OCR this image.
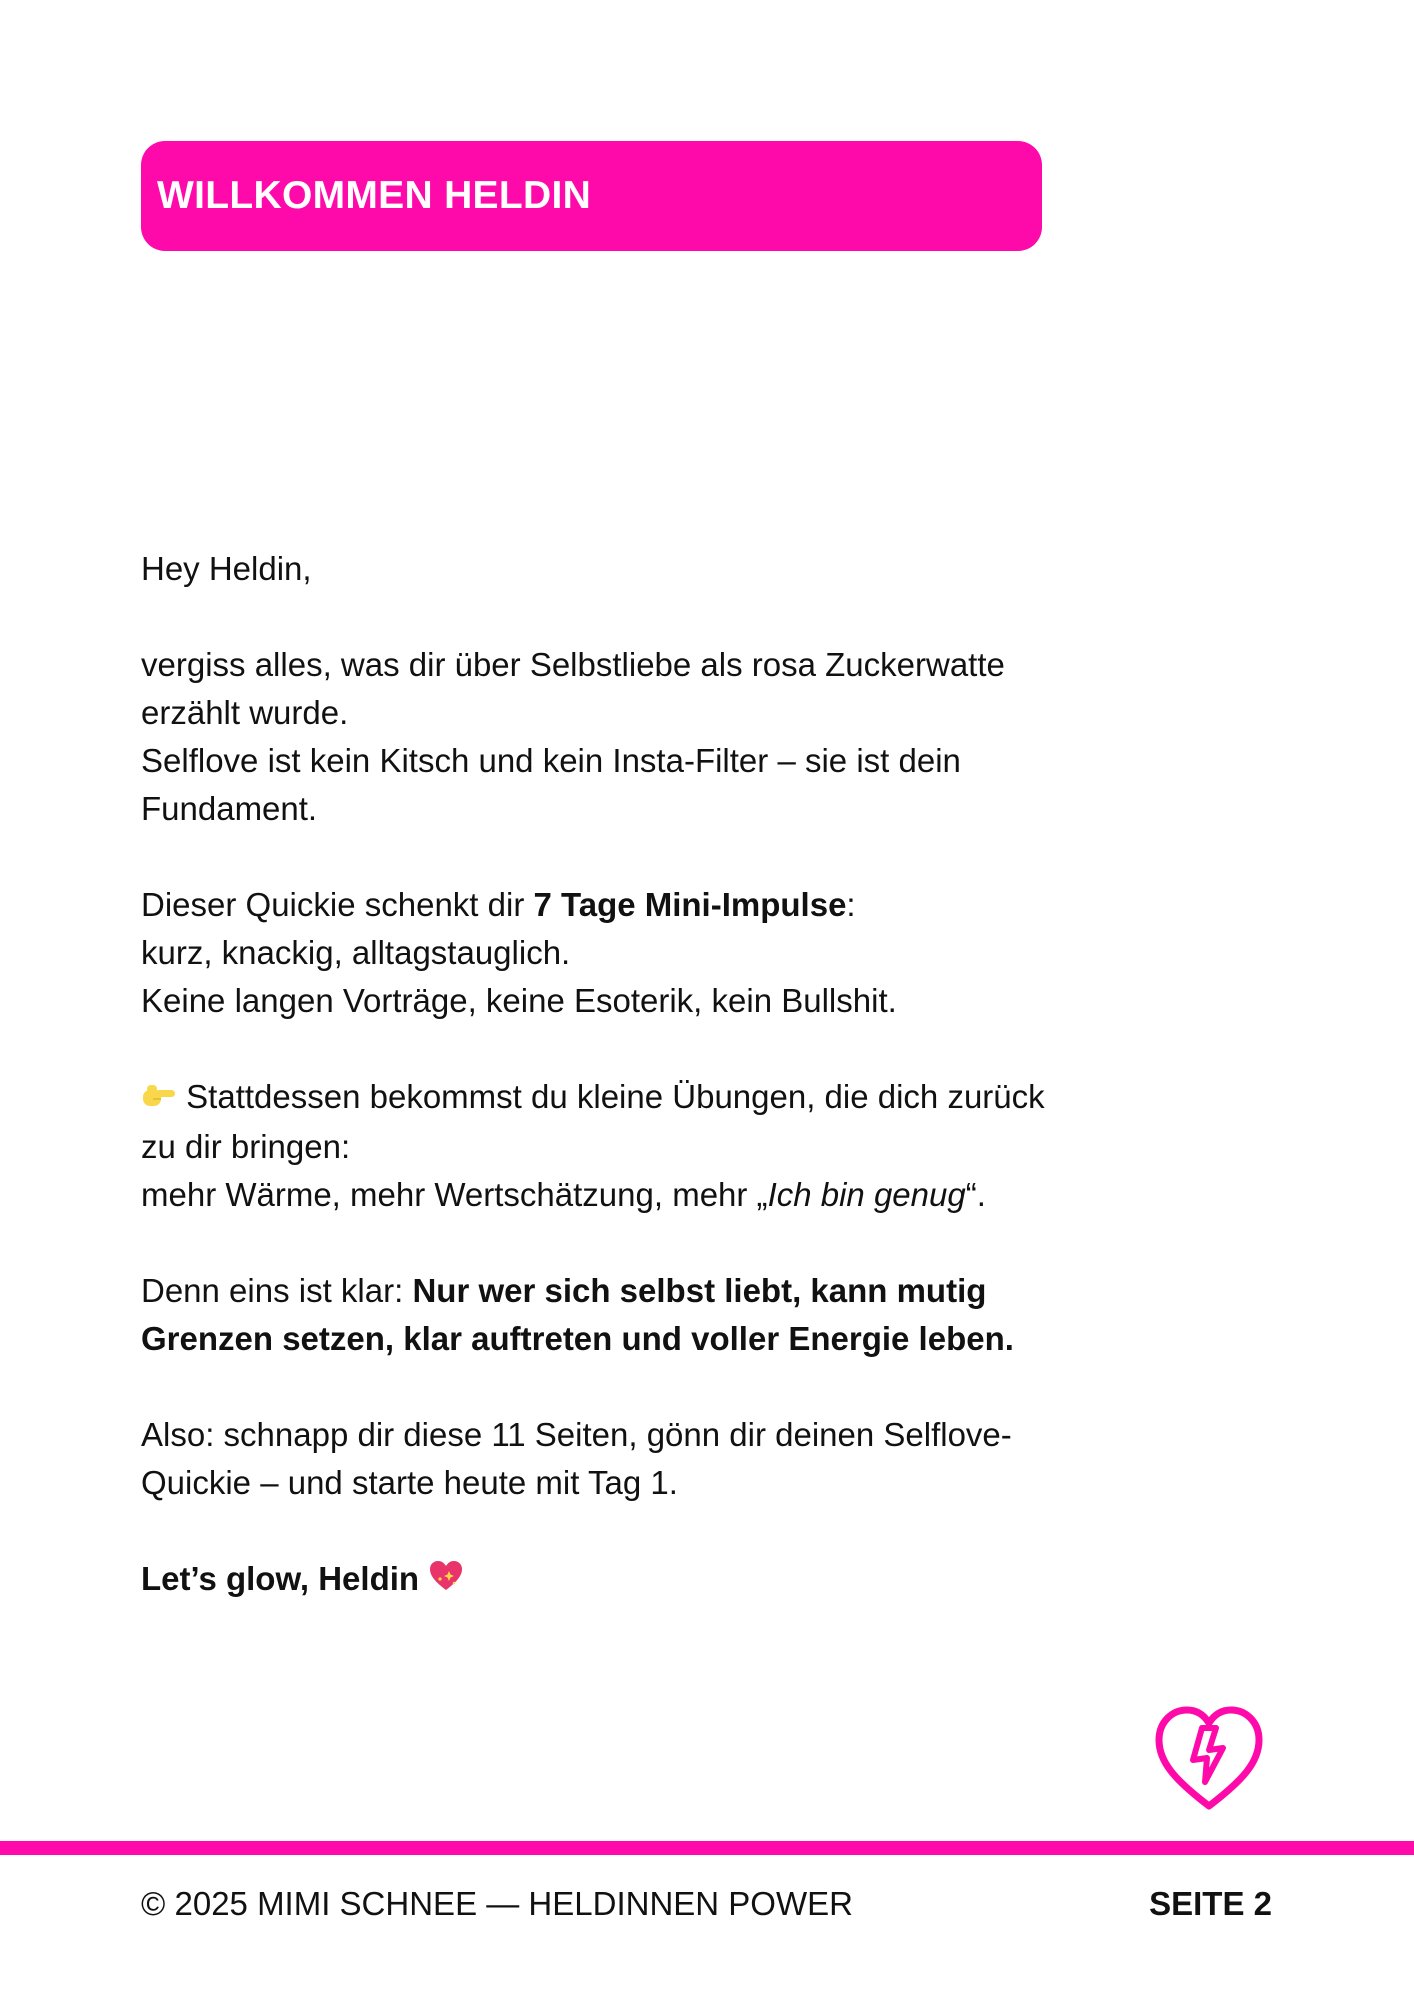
WILLKOMMEN HELDIN

Hey Heldin,

vergiss alles, was dir über Selbstliebe als rosa Zuckerwatte
erzählt wurde.
Selflove ist kein Kitsch und kein Insta-Filter – sie ist dein
Fundament.

Dieser Quickie schenkt dir 7 Tage Mini-Impulse:
kurz, knackig, alltagstauglich.
Keine langen Vorträge, keine Esoterik, kein Bullshit.

Stattdessen bekommst du kleine Übungen, die dich zurück
zu dir bringen:
mehr Wärme, mehr Wertschätzung, mehr „Ich bin genug“.

Denn eins ist klar: Nur wer sich selbst liebt, kann mutig
Grenzen setzen, klar auftreten und voller Energie leben.

Also: schnapp dir diese 11 Seiten, gönn dir deinen Selflove-
Quickie – und starte heute mit Tag 1.

Let’s glow, Heldin

© 2025 MIMI SCHNEE — HELDINNEN POWER	SEITE 2
